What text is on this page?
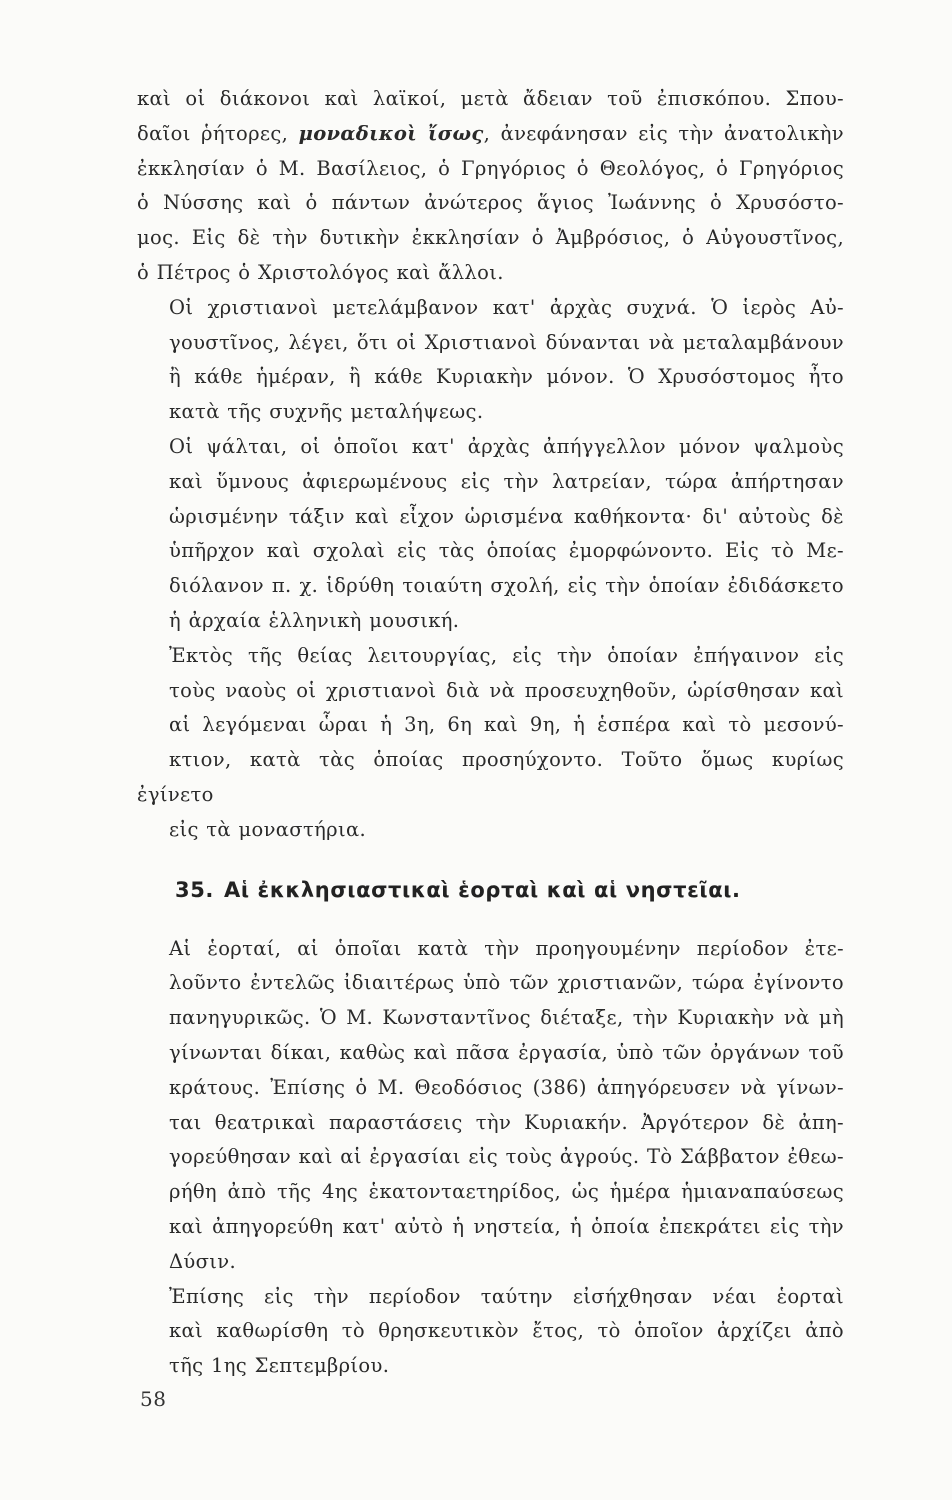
καὶ οἱ διάκονοι καὶ λαϊκοί, μετὰ ἄδειαν τοῦ ἐπισκόπου. Σπου-
δαῖοι ῥήτορες, μοναδικοὶ ἴσως, ἀνεφάνησαν εἰς τὴν ἀνατολικὴν
ἐκκλησίαν ὁ Μ. Βασίλειος, ὁ Γρηγόριος ὁ Θεολόγος, ὁ Γρηγόριος
ὁ Νύσσης καὶ ὁ πάντων ἀνώτερος ἅγιος Ἰωάννης ὁ Χρυσόστο-
μος. Εἰς δὲ τὴν δυτικὴν ἐκκλησίαν ὁ Ἀμβρόσιος, ὁ Αὐγουστῖνος,
ὁ Πέτρος ὁ Χριστολόγος καὶ ἄλλοι.

Οἱ χριστιανοὶ μετελάμβανον κατ' ἀρχὰς συχνά. Ὁ ἱερὸς Αὐ-
γουστῖνος, λέγει, ὅτι οἱ Χριστιανοὶ δύνανται νὰ μεταλαμβάνουν
ἢ κάθε ἡμέραν, ἢ κάθε Κυριακὴν μόνον. Ὁ Χρυσόστομος ἦτο
κατὰ τῆς συχνῆς μεταλήψεως.

Οἱ ψάλται, οἱ ὁποῖοι κατ' ἀρχὰς ἀπήγγελλον μόνον ψαλμοὺς
καὶ ὕμνους ἀφιερωμένους εἰς τὴν λατρείαν, τώρα ἀπήρτησαν
ὡρισμένην τάξιν καὶ εἶχον ὡρισμένα καθήκοντα· δι' αὐτοὺς δὲ
ὑπῆρχον καὶ σχολαὶ εἰς τὰς ὁποίας ἐμορφώνοντο. Εἰς τὸ Με-
διόλανον π. χ. ἱδρύθη τοιαύτη σχολή, εἰς τὴν ὁποίαν ἐδιδάσκετο
ἡ ἀρχαία ἑλληνικὴ μουσική.

Ἐκτὸς τῆς θείας λειτουργίας, εἰς τὴν ὁποίαν ἐπήγαινον εἰς
τοὺς ναοὺς οἱ χριστιανοὶ διὰ νὰ προσευχηθοῦν, ὡρίσθησαν καὶ
αἱ λεγόμεναι ὧραι ἡ 3η, 6η καὶ 9η, ἡ ἑσπέρα καὶ τὸ μεσονύ-
κτιον, κατὰ τὰς ὁποίας προσηύχοντο. Τοῦτο ὅμως κυρίως ἐγίνετο
εἰς τὰ μοναστήρια.

35. Αἱ ἐκκλησιαστικαὶ ἑορταὶ καὶ αἱ νηστεῖαι.

Αἱ ἑορταί, αἱ ὁποῖαι κατὰ τὴν προηγουμένην περίοδον ἐτε-
λοῦντο ἐντελῶς ἰδιαιτέρως ὑπὸ τῶν χριστιανῶν, τώρα ἐγίνοντο
πανηγυρικῶς. Ὁ Μ. Κωνσταντῖνος διέταξε, τὴν Κυριακὴν νὰ μὴ
γίνωνται δίκαι, καθὼς καὶ πᾶσα ἐργασία, ὑπὸ τῶν ὀργάνων τοῦ
κράτους. Ἐπίσης ὁ Μ. Θεοδόσιος (386) ἀπηγόρευσεν νὰ γίνων-
ται θεατρικαὶ παραστάσεις τὴν Κυριακήν. Ἀργότερον δὲ ἀπη-
γορεύθησαν καὶ αἱ ἐργασίαι εἰς τοὺς ἀγρούς. Τὸ Σάββατον ἐθεω-
ρήθη ἀπὸ τῆς 4ης ἑκατονταετηρίδος, ὡς ἡμέρα ἡμιαναπαύσεως
καὶ ἀπηγορεύθη κατ' αὐτὸ ἡ νηστεία, ἡ ὁποία ἐπεκράτει εἰς τὴν
Δύσιν.

Ἐπίσης εἰς τὴν περίοδον ταύτην εἰσήχθησαν νέαι ἑορταὶ
καὶ καθωρίσθη τὸ θρησκευτικὸν ἔτος, τὸ ὁποῖον ἀρχίζει ἀπὸ
τῆς 1ης Σεπτεμβρίου.

58
